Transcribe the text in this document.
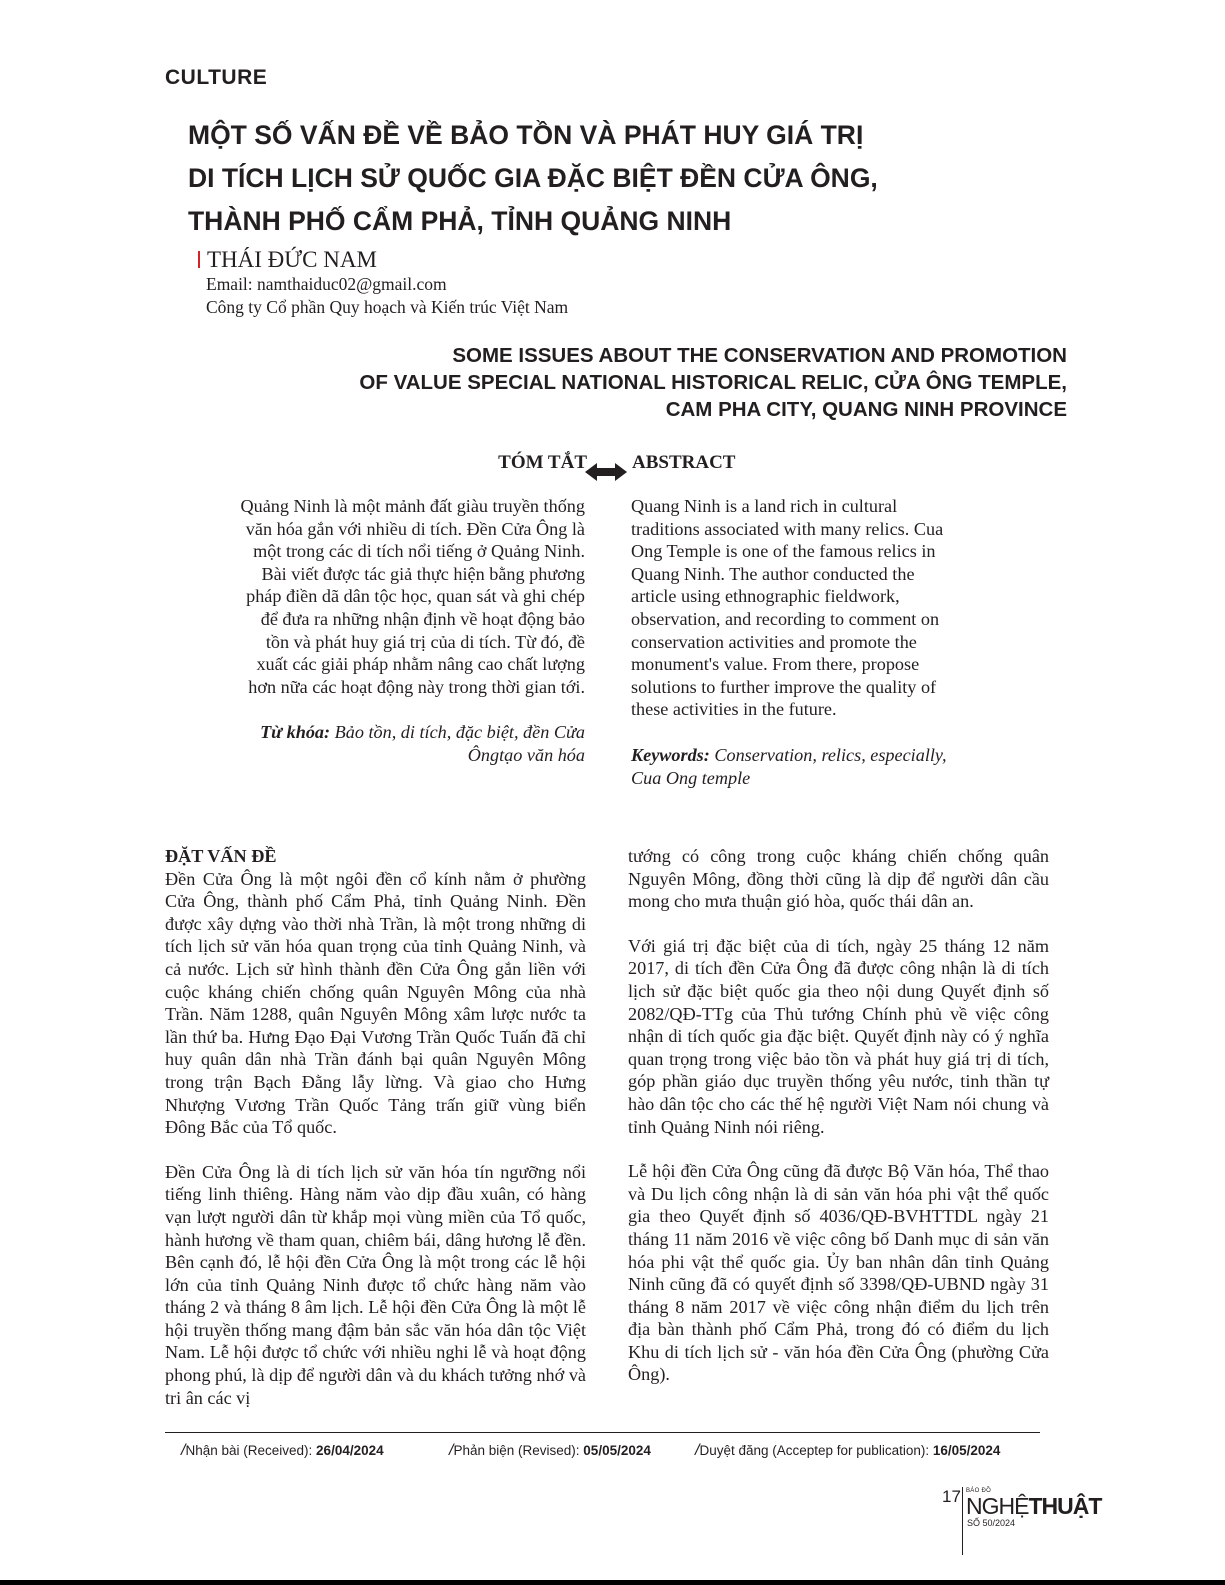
CULTURE
MỘT SỐ VẤN ĐỀ VỀ BẢO TỒN VÀ PHÁT HUY GIÁ TRỊ
DI TÍCH LỊCH SỬ QUỐC GIA ĐẶC BIỆT ĐỀN CỬA ÔNG,
THÀNH PHỐ CẨM PHẢ, TỈNH QUẢNG NINH
THÁI ĐỨC NAM
Email: namthaiduc02@gmail.com
Công ty Cổ phần Quy hoạch và Kiến trúc Việt Nam
SOME ISSUES ABOUT THE CONSERVATION AND PROMOTION
OF VALUE SPECIAL NATIONAL HISTORICAL RELIC, CỬA ÔNG TEMPLE,
CAM PHA CITY, QUANG NINH PROVINCE
TÓM TẮT ABSTRACT
Quảng Ninh là một mảnh đất giàu truyền thống
văn hóa gắn với nhiều di tích. Đền Cửa Ông là
một trong các di tích nổi tiếng ở Quảng Ninh.
Bài viết được tác giả thực hiện bằng phương
pháp điền dã dân tộc học, quan sát và ghi chép
để đưa ra những nhận định về hoạt động bảo
tồn và phát huy giá trị của di tích. Từ đó, đề
xuất các giải pháp nhằm nâng cao chất lượng
hơn nữa các hoạt động này trong thời gian tới.
Quang Ninh is a land rich in cultural
traditions associated with many relics. Cua
Ong Temple is one of the famous relics in
Quang Ninh. The author conducted the
article using ethnographic fieldwork,
observation, and recording to comment on
conservation activities and promote the
monument's value. From there, propose
solutions to further improve the quality of
these activities in the future.
Từ khóa: Bảo tồn, di tích, đặc biệt, đền Cửa
Ôngtạo văn hóa	Keywords: Conservation, relics, especially,
Cua Ong temple
ĐẶT VẤN ĐỀ

Đền Cửa Ông là một ngôi đền cổ kính nằm ở phường Cửa Ông, thành phố Cẩm Phả, tỉnh Quảng Ninh. Đền được xây dựng vào thời nhà Trần, là một trong những di tích lịch sử văn hóa quan trọng của tỉnh Quảng Ninh, và cả nước. Lịch sử hình thành đền Cửa Ông gắn liền với cuộc kháng chiến chống quân Nguyên Mông của nhà Trần. Năm 1288, quân Nguyên Mông xâm lược nước ta lần thứ ba. Hưng Đạo Đại Vương Trần Quốc Tuấn đã chỉ huy quân dân nhà Trần đánh bại quân Nguyên Mông trong trận Bạch Đằng lẫy lừng. Và giao cho Hưng Nhượng Vương Trần Quốc Tảng trấn giữ vùng biển Đông Bắc của Tổ quốc.

Đền Cửa Ông là di tích lịch sử văn hóa tín ngưỡng nổi tiếng linh thiêng. Hàng năm vào dịp đầu xuân, có hàng vạn lượt người dân từ khắp mọi vùng miền của Tổ quốc, hành hương về tham quan, chiêm bái, dâng hương lễ đền. Bên cạnh đó, lễ hội đền Cửa Ông là một trong các lễ hội lớn của tỉnh Quảng Ninh được tổ chức hàng năm vào tháng 2 và tháng 8 âm lịch. Lễ hội đền Cửa Ông là một lễ hội truyền thống mang đậm bản sắc văn hóa dân tộc Việt Nam. Lễ hội được tổ chức với nhiều nghi lễ và hoạt động phong phú, là dịp để người dân và du khách tưởng nhớ và tri ân các vị

tướng có công trong cuộc kháng chiến chống quân Nguyên Mông, đồng thời cũng là dịp để người dân cầu mong cho mưa thuận gió hòa, quốc thái dân an.

Với giá trị đặc biệt của di tích, ngày 25 tháng 12 năm 2017, di tích đền Cửa Ông đã được công nhận là di tích lịch sử đặc biệt quốc gia theo nội dung Quyết định số 2082/QĐ-TTg của Thủ tướng Chính phủ về việc công nhận di tích quốc gia đặc biệt. Quyết định này có ý nghĩa quan trọng trong việc bảo tồn và phát huy giá trị di tích, góp phần giáo dục truyền thống yêu nước, tinh thần tự hào dân tộc cho các thế hệ người Việt Nam nói chung và tỉnh Quảng Ninh nói riêng.

Lễ hội đền Cửa Ông cũng đã được Bộ Văn hóa, Thể thao và Du lịch công nhận là di sản văn hóa phi vật thể quốc gia theo Quyết định số 4036/QĐ-BVHTTDL ngày 21 tháng 11 năm 2016 về việc công bố Danh mục di sản văn hóa phi vật thể quốc gia. Ủy ban nhân dân tỉnh Quảng Ninh cũng đã có quyết định số 3398/QĐ-UBND ngày 31 tháng 8 năm 2017 về việc công nhận điểm du lịch trên địa bàn thành phố Cẩm Phả, trong đó có điểm du lịch Khu di tích lịch sử - văn hóa đền Cửa Ông (phường Cửa Ông).

/Nhận bài (Received): 26/04/2024	/Phản biện (Revised): 05/05/2024	/Duyệt đăng (Acceptep for publication): 16/05/2024
17 BÁO ĐỒ
NGHỆTHUẬT
SỐ 50/2024
